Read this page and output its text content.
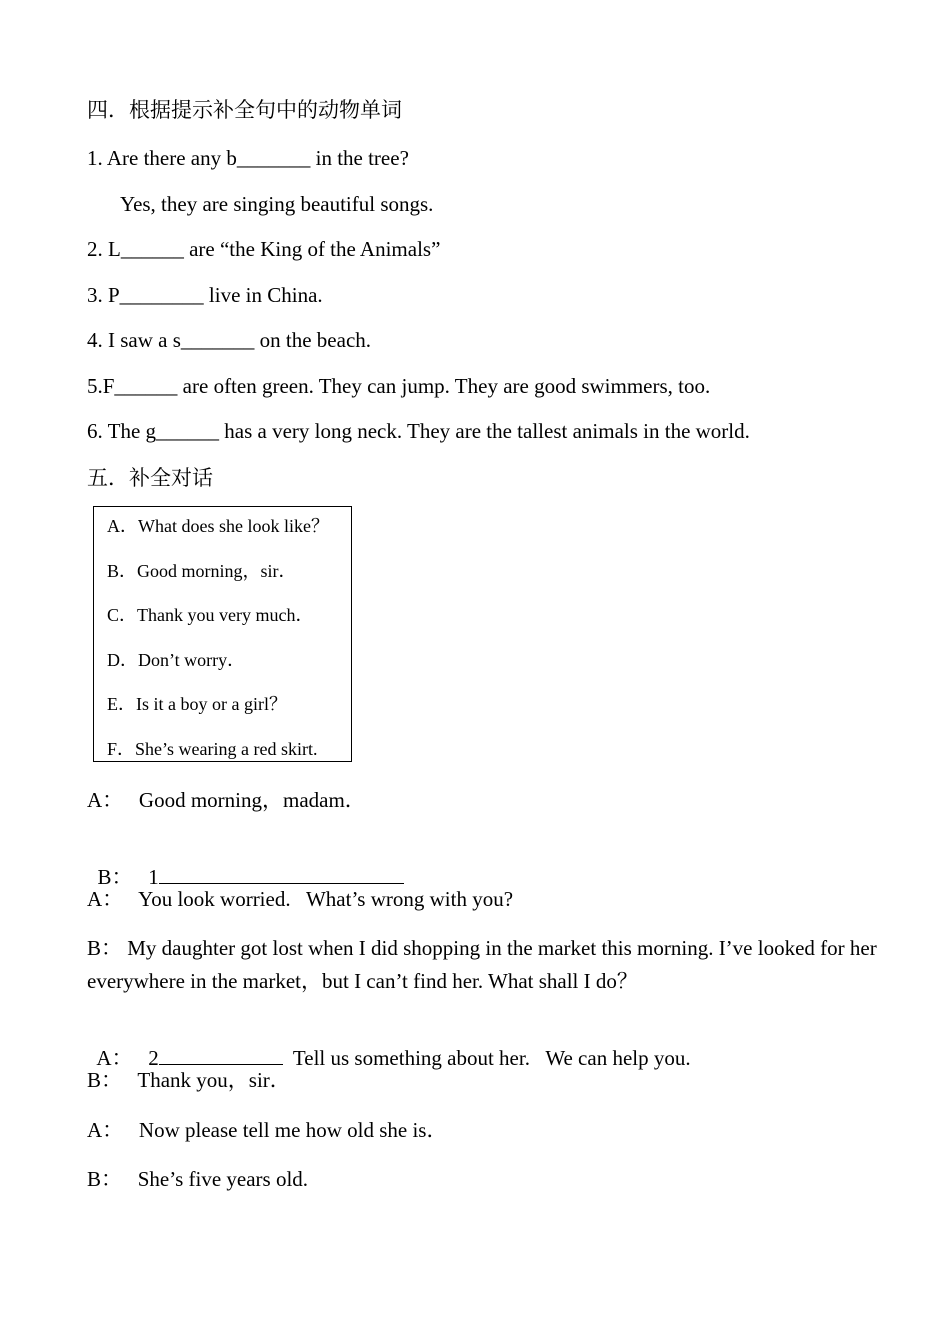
四．根据提示补全句中的动物单词
1. Are there any b_______ in the tree?
Yes, they are singing beautiful songs.
2. L______ are “the King of the Animals”
3. P________ live in China.
4. I saw a s_______ on the beach.
5.F______ are often green. They can jump. They are good swimmers, too.
6. The g______ has a very long neck. They are the tallest animals in the world.
五．补全对话
A．What does she look like？
B．Good morning，sir．
C．Thank you very much．
D．Don’t worry．
E．Is it a boy or a girl？
F．She’s wearing a red skirt.
A：   Good morning，madam．

B：   1

A：   You look worried.   What’s wrong with you?
B： My daughter got lost when I did shopping in the market this morning. I’ve looked for her everywhere in the market，but I can’t find her. What shall I do？

A：   2	Tell us something about her.   We can help you.

B：   Thank you，sir．
A：   Now please tell me how old she is．
B：   She’s five years old.
